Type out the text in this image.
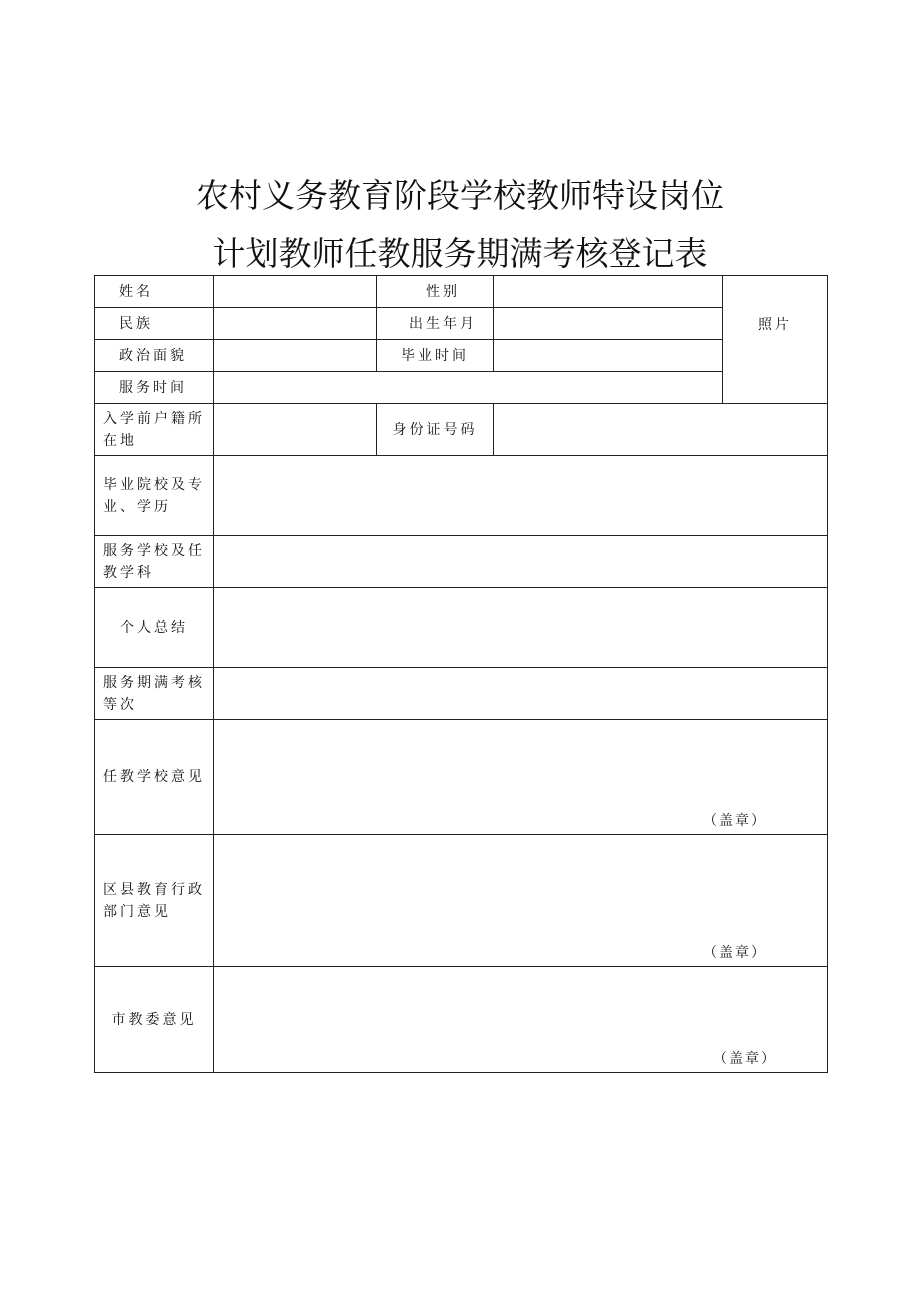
农村义务教育阶段学校教师特设岗位
计划教师任教服务期满考核登记表
姓名		性别		照片
民族		出生年月		
政治面貌		毕业时间		
服务时间				
入学前户籍所在地		身份证号码		
毕业院校及专业、学历				
服务学校及任教学科				
个人总结				
服务期满考核等次				
任教学校意见	（盖章）			

区县教育行政部门意见	（盖章）			

市教委意见	（盖章）			
